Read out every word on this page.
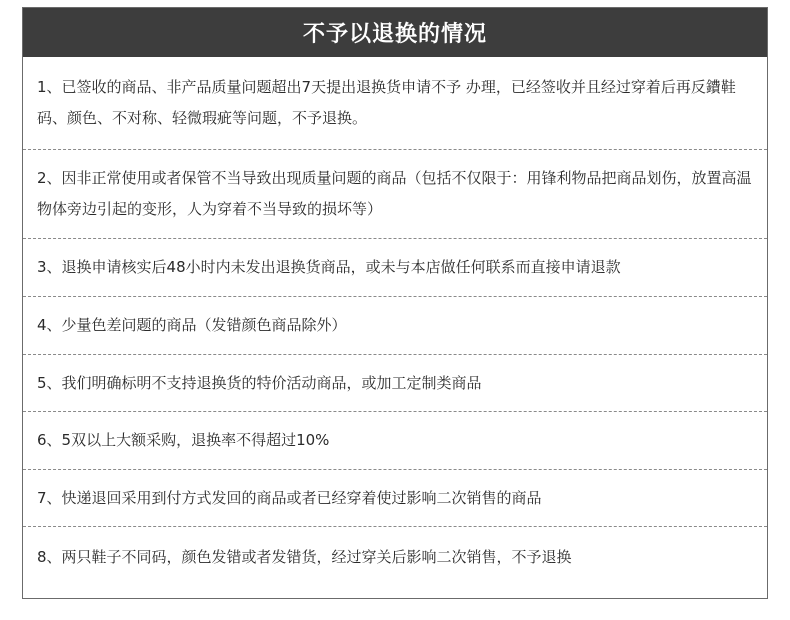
不予以退换的情况
1、已签收的商品、非产品质量问题超出7天提出退换货申请不予 办理，已经签收并且经过穿着后再反鐨鞋码、颜色、不对称、轻微瑕疵等问题，不予退换。
2、因非正常使用或者保管不当导致出现质量问题的商品（包括不仅限于：用锋利物品把商品划伤，放置高温物体旁边引起的变形，人为穿着不当导致的损坏等）
3、退换申请核实后48小时内未发出退换货商品，或未与本店做任何联系而直接申请退款
4、少量色差问题的商品（发错颜色商品除外）
5、我们明确标明不支持退换货的特价活动商品，或加工定制类商品
6、5双以上大额采购，退换率不得超过10%
7、快递退回采用到付方式发回的商品或者已经穿着使过影响二次销售的商品
8、两只鞋子不同码，颜色发错或者发错货，经过穿关后影响二次销售，不予退换
